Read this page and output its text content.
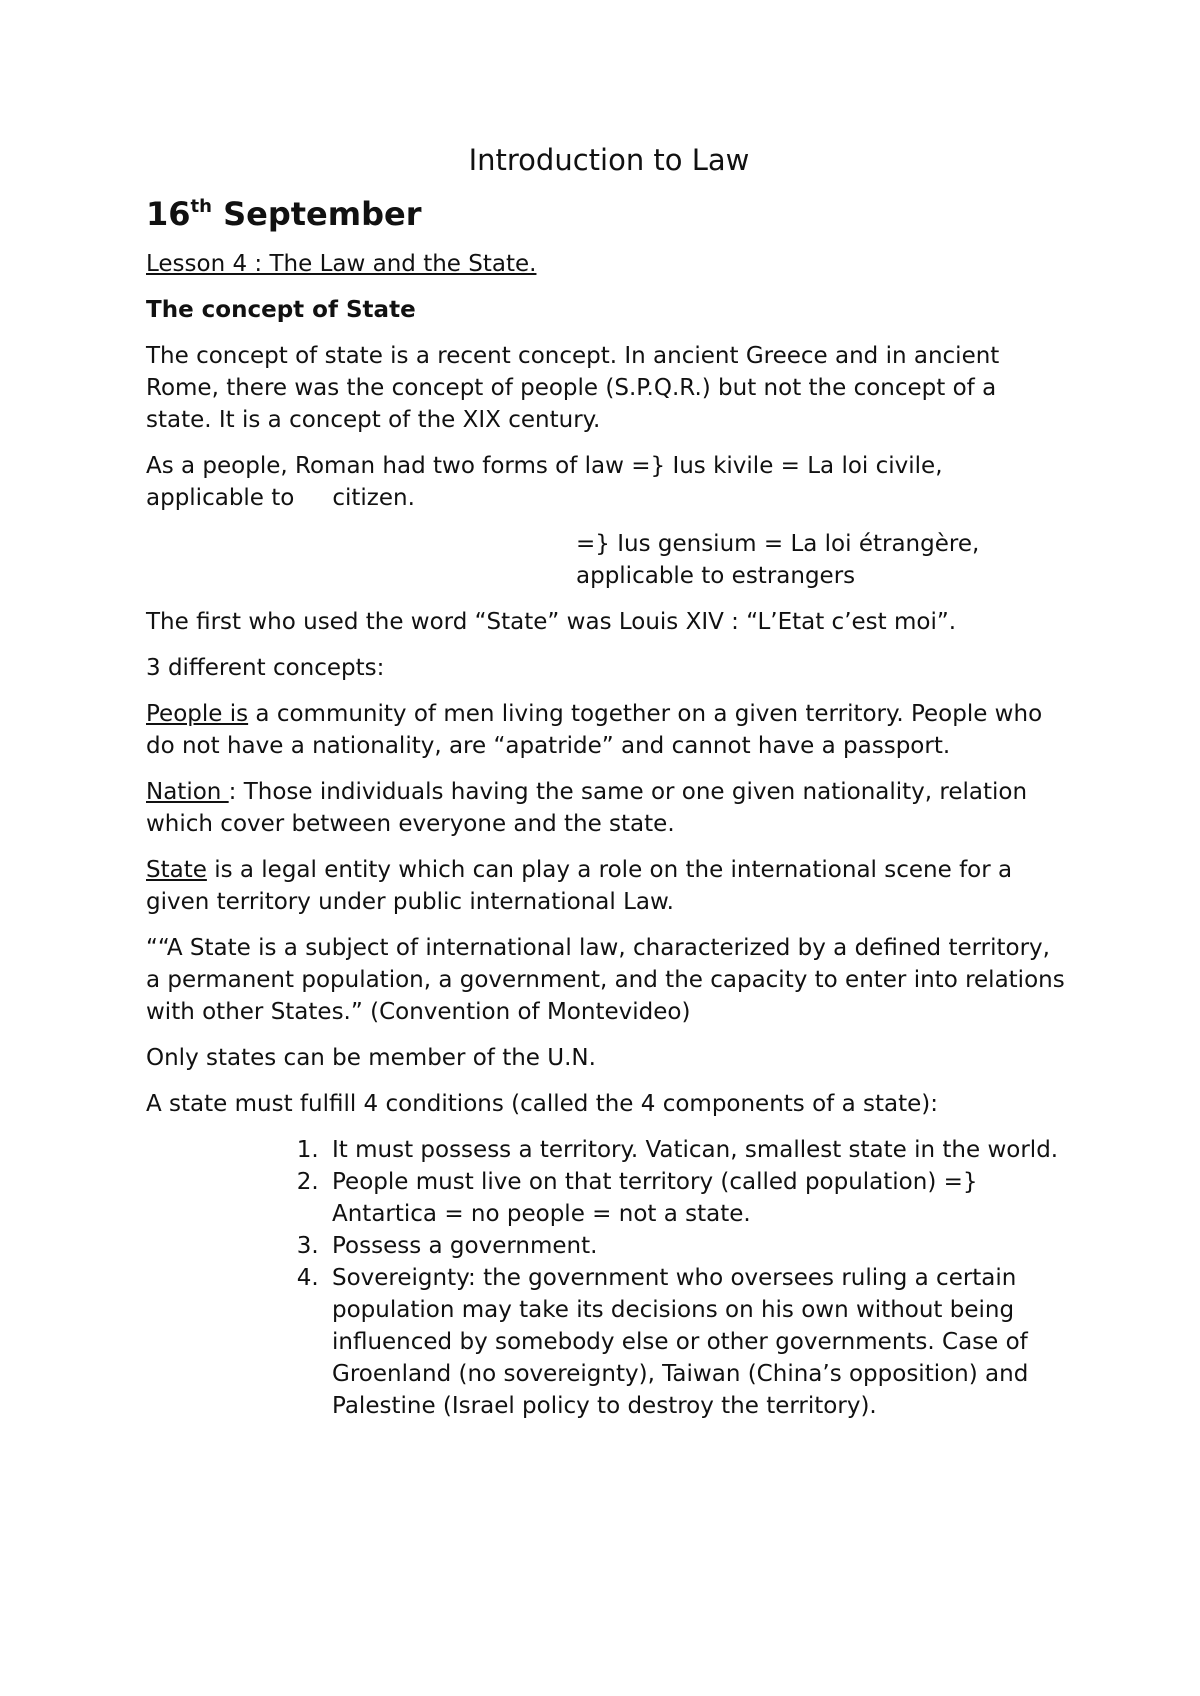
Introduction to Law
16th September

Lesson 4 : The Law and the State.

The concept of State

The concept of state is a recent concept. In ancient Greece and in ancient Rome, there was the concept of people (S.P.Q.R.) but not the concept of a state. It is a concept of the XIX century.

As a people, Roman had two forms of law =} Ius kivile = La loi civile, applicable to citizen.

=} Ius gensium = La loi étrangère, applicable to estrangers

The first who used the word “State” was Louis XIV : “L’Etat c’est moi”.

3 different concepts:

People is a community of men living together on a given territory. People who do not have a nationality, are “apatride” and cannot have a passport.

Nation : Those individuals having the same or one given nationality, relation which cover between everyone and the state.

State is a legal entity which can play a role on the international scene for a given territory under public international Law.

““A State is a subject of international law, characterized by a defined territory, a permanent population, a government, and the capacity to enter into relations with other States.” (Convention of Montevideo)

Only states can be member of the U.N.

A state must fulfill 4 conditions (called the 4 components of a state):

1. It must possess a territory. Vatican, smallest state in the world.
2. People must live on that territory (called population) =} Antartica = no people = not a state.
3. Possess a government.
4. Sovereignty: the government who oversees ruling a certain population may take its decisions on his own without being influenced by somebody else or other governments. Case of Groenland (no sovereignty), Taiwan (China’s opposition) and Palestine (Israel policy to destroy the territory).
